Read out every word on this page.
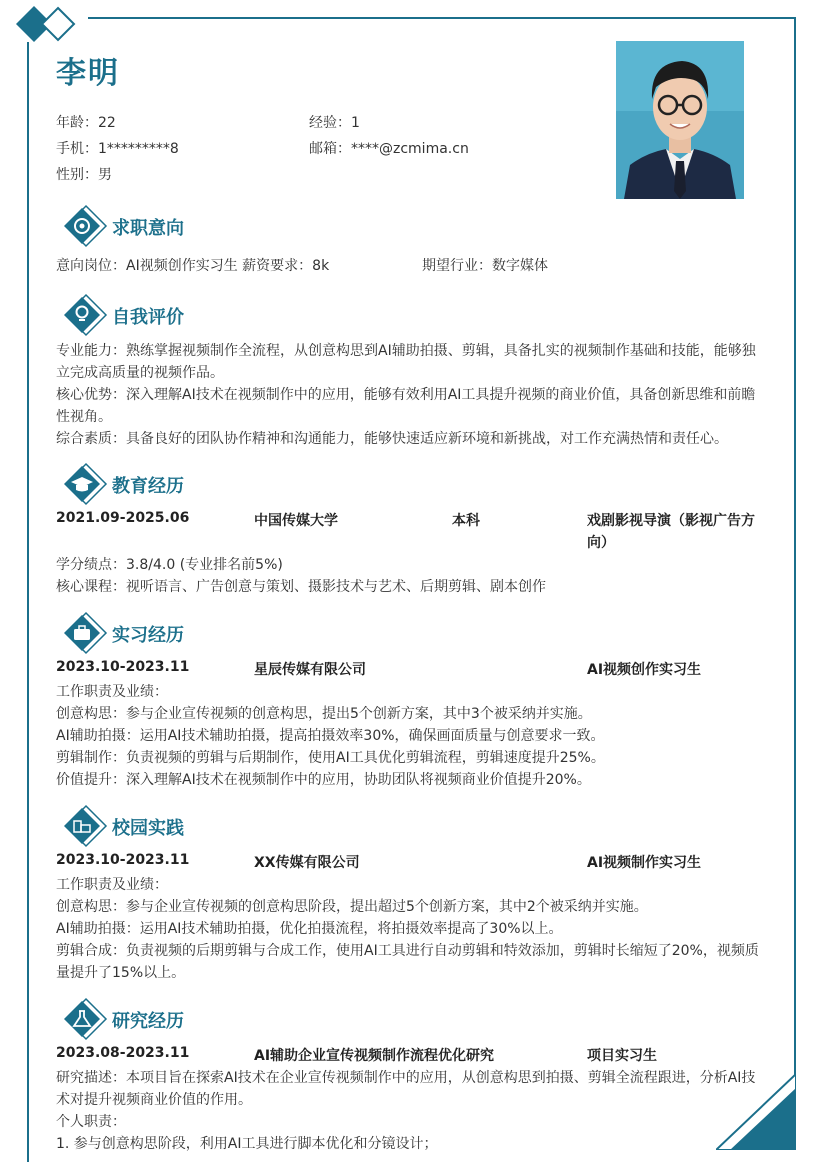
李明
年龄：22	经验：1
手机：1*********8	邮箱：****@zcmima.cn
性别：男
求职意向
意向岗位：AI视频创作实习生 薪资要求：8k	期望行业：数字媒体
自我评价
专业能力：熟练掌握视频制作全流程，从创意构思到AI辅助拍摄、剪辑，具备扎实的视频制作基础和技能，能够独
立完成高质量的视频作品。
核心优势：深入理解AI技术在视频制作中的应用，能够有效利用AI工具提升视频的商业价值，具备创新思维和前瞻
性视角。
综合素质：具备良好的团队协作精神和沟通能力，能够快速适应新环境和新挑战，对工作充满热情和责任心。
教育经历
2021.09-2025.06	中国传媒大学	本科	戏剧影视导演（影视广告方
向）
学分绩点：3.8/4.0 (专业排名前5%)
核心课程：视听语言、广告创意与策划、摄影技术与艺术、后期剪辑、剧本创作
实习经历
2023.10-2023.11	星辰传媒有限公司	AI视频创作实习生
工作职责及业绩：
创意构思：参与企业宣传视频的创意构思，提出5个创新方案，其中3个被采纳并实施。
AI辅助拍摄：运用AI技术辅助拍摄，提高拍摄效率30%，确保画面质量与创意要求一致。
剪辑制作：负责视频的剪辑与后期制作，使用AI工具优化剪辑流程，剪辑速度提升25%。
价值提升：深入理解AI技术在视频制作中的应用，协助团队将视频商业价值提升20%。
校园实践
2023.10-2023.11	XX传媒有限公司	AI视频制作实习生
工作职责及业绩：
创意构思：参与企业宣传视频的创意构思阶段，提出超过5个创新方案，其中2个被采纳并实施。
AI辅助拍摄：运用AI技术辅助拍摄，优化拍摄流程，将拍摄效率提高了30%以上。
剪辑合成：负责视频的后期剪辑与合成工作，使用AI工具进行自动剪辑和特效添加，剪辑时长缩短了20%，视频质
量提升了15%以上。
研究经历
2023.08-2023.11	AI辅助企业宣传视频制作流程优化研究	项目实习生
研究描述：本项目旨在探索AI技术在企业宣传视频制作中的应用，从创意构思到拍摄、剪辑全流程跟进，分析AI技
术对提升视频商业价值的作用。
个人职责：
1. 参与创意构思阶段，利用AI工具进行脚本优化和分镜设计；
